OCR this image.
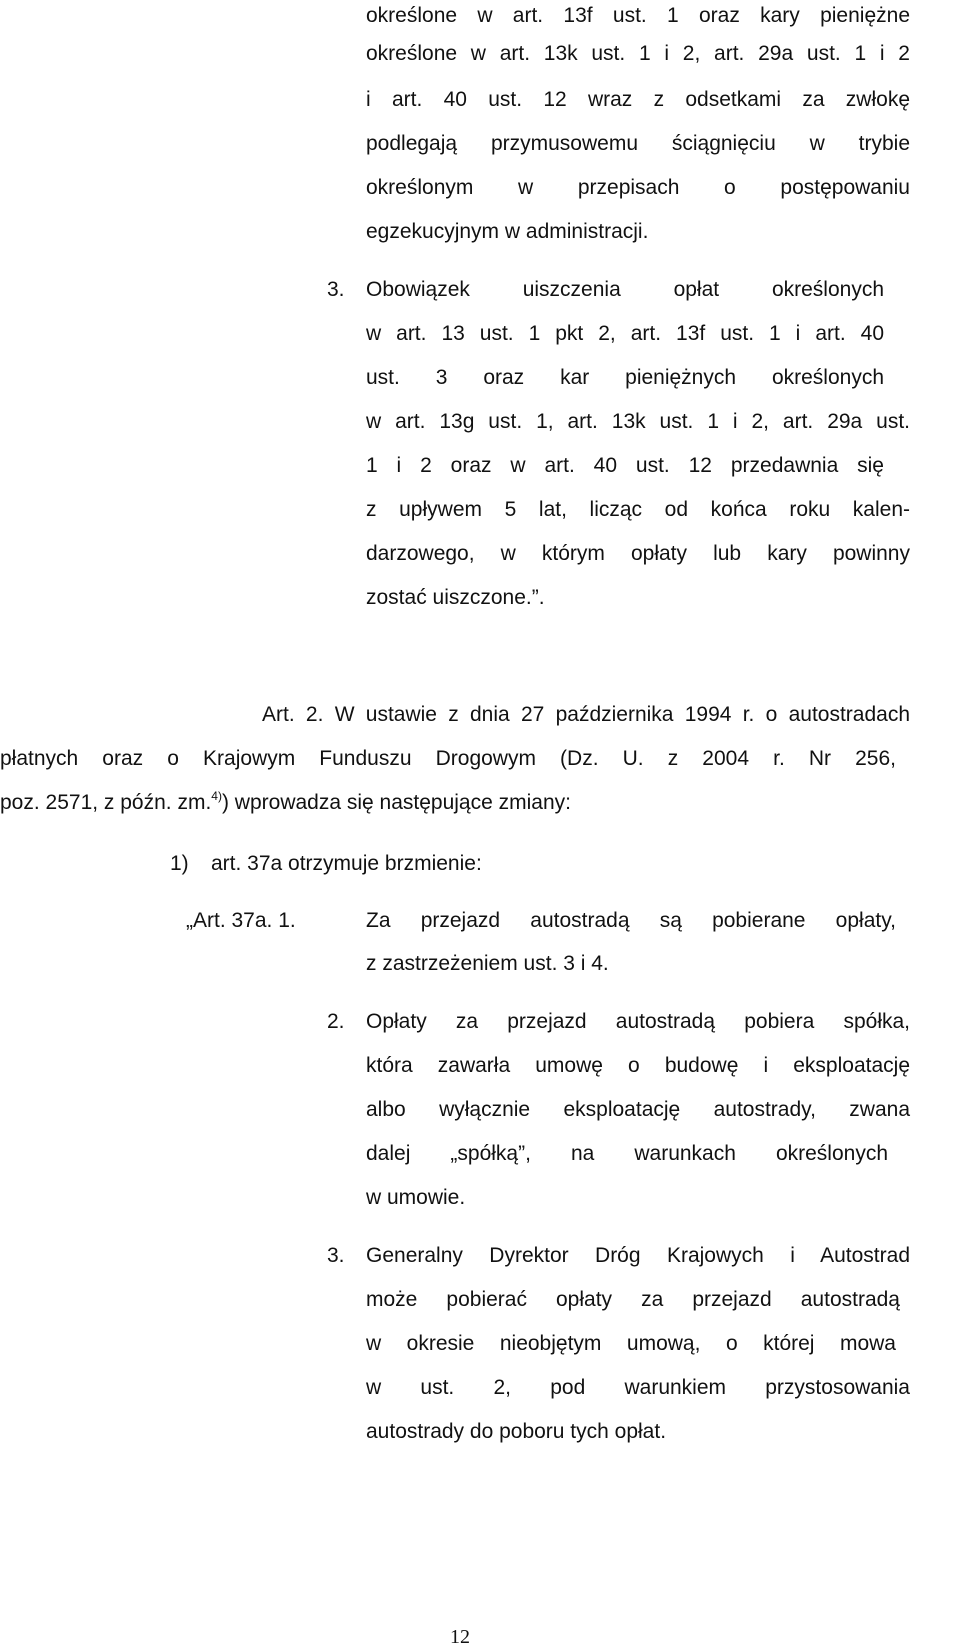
określone w art. 13f ust. 1 oraz kary pieniężne
określone w art. 13k ust. 1 i 2, art. 29a ust. 1 i 2
i art. 40 ust. 12 wraz z odsetkami za zwłokę
podlegają przymusowemu ściągnięciu w trybie
określonym w przepisach o postępowaniu
egzekucyjnym w administracji.
3. Obowiązek uiszczenia opłat określonych
w art. 13 ust. 1 pkt 2, art. 13f ust. 1 i art. 40
ust. 3 oraz kar pieniężnych określonych
w art. 13g ust. 1, art. 13k ust. 1 i 2, art. 29a ust.
1 i 2 oraz w art. 40 ust. 12 przedawnia się
z upływem 5 lat, licząc od końca roku kalen-
darzowego, w którym opłaty lub kary powinny
zostać uiszczone.”.
Art. 2. W ustawie z dnia 27 października 1994 r. o autostradach
płatnych oraz o Krajowym Funduszu Drogowym (Dz. U. z 2004 r. Nr 256,
poz. 2571, z późn. zm.$^{4)}$) wprowadza się następujące zmiany:
1) art. 37a otrzymuje brzmienie:
„Art. 37a. 1.	Za przejazd autostradą są pobierane opłaty,
z zastrzeżeniem ust. 3 i 4.
2. Opłaty za przejazd autostradą pobiera spółka,
która zawarła umowę o budowę i eksploatację
albo wyłącznie eksploatację autostrady, zwana
dalej „spółką”, na warunkach określonych
w umowie.
3. Generalny Dyrektor Dróg Krajowych i Autostrad
może pobierać opłaty za przejazd autostradą
w okresie nieobjętym umową, o której mowa
w ust. 2, pod warunkiem przystosowania
autostrady do poboru tych opłat.
12
